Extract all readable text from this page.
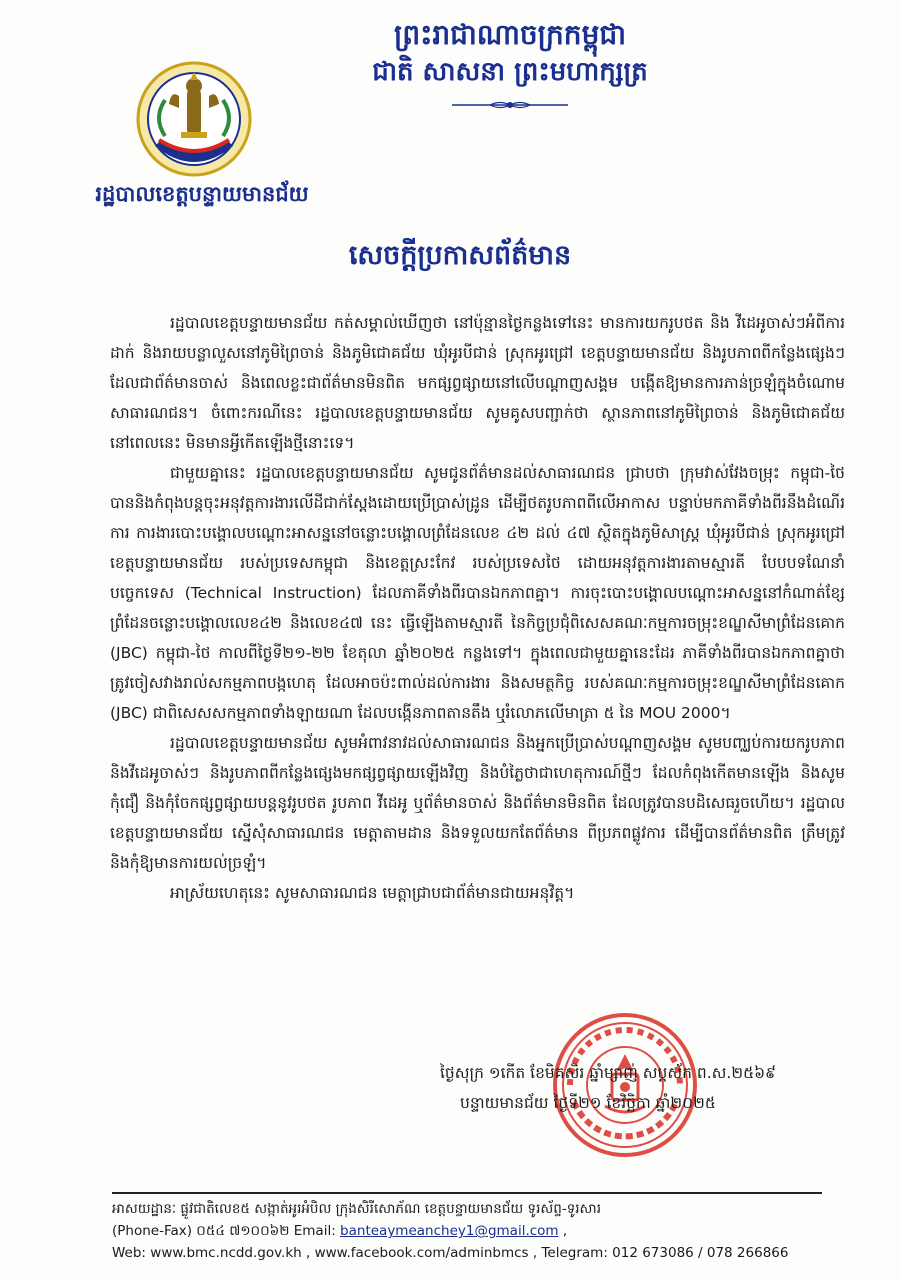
ព្រះរាជាណាចក្រកម្ពុជា
ជាតិ សាសនា ព្រះមហាក្សត្រ
រដ្ឋបាលខេត្តបន្ទាយមានជ័យ
សេចក្តីប្រកាសព័ត៌មាន

រដ្ឋបាលខេត្តបន្ទាយមានជ័យ កត់សម្គាល់ឃើញថា នៅប៉ុន្មានថ្ងៃកន្លងទៅនេះ មានការយករូបថត និង វីដេអូចាស់ៗអំពីការដាក់ និងរាយបន្លាលួសនៅភូមិព្រៃចាន់ និងភូមិជោគជ័យ ឃុំអូរបីជាន់ ស្រុកអូរជ្រៅ ខេត្តបន្ទាយមានជ័យ និងរូបភាពពីកន្លែងផ្សេងៗដែលជាព័ត៌មានចាស់ និងពេលខ្លះជាព័ត៌មានមិនពិត មកផ្សព្វផ្សាយនៅលើបណ្តាញសង្គម បង្កើតឱ្យមានការភាន់ច្រឡំក្នុងចំណោមសាធារណជន។ ចំពោះករណីនេះ រដ្ឋបាលខេត្តបន្ទាយមានជ័យ សូមគូសបញ្ជាក់ថា ស្ថានភាពនៅភូមិព្រៃចាន់ និងភូមិជោគជ័យ នៅពេលនេះ មិនមានអ្វីកើតឡើងថ្មីនោះទេ។

ជាមួយគ្នានេះ រដ្ឋបាលខេត្តបន្ទាយមានជ័យ សូមជូនព័ត៌មានដល់សាធារណជន ជ្រាបថា ក្រុមវាស់វែងចម្រុះ កម្ពុជា-ថៃ បាននិងកំពុងបន្តចុះអនុវត្តការងារលើដីជាក់ស្តែងដោយប្រើប្រាស់ដ្រូន ដើម្បីថតរូបភាពពីលើអាកាស បន្ទាប់មកភាគីទាំងពីរនឹងដំណើរការ ការងារបោះបង្គោលបណ្តោះអាសន្ននៅចន្លោះបង្គោលព្រំដែនលេខ ៤២ ដល់ ៤៧ ស្ថិតក្នុងភូមិសាស្ត្រ ឃុំអូរបីជាន់ ស្រុកអូរជ្រៅ ខេត្តបន្ទាយមានជ័យ របស់ប្រទេសកម្ពុជា និងខេត្តស្រះកែវ របស់ប្រទេសថៃ ដោយអនុវត្តការងារតាមស្មារតី បែបបទណែនាំបច្ចេកទេស (Technical Instruction) ដែលភាគីទាំងពីរបានឯកភាពគ្នា។ ការចុះបោះបង្គោលបណ្តោះអាសន្ននៅកំណាត់ខ្សែព្រំដែនចន្លោះបង្គោលលេខ៤២ និងលេខ៤៧ នេះ ធ្វើឡើងតាមស្មារតី នៃកិច្ចប្រជុំពិសេសគណៈកម្មការចម្រុះខណ្ឌសីមាព្រំដែនគោក (JBC) កម្ពុជា-ថៃ កាលពីថ្ងៃទី២១-២២ ខែតុលា ឆ្នាំ២០២៥ កន្លងទៅ។ ក្នុងពេលជាមួយគ្នានេះដែរ ភាគីទាំងពីរបានឯកភាពគ្នាថា ត្រូវចៀសវាងរាល់សកម្មភាពបង្កហេតុ ដែលអាចប៉ះពាល់ដល់ការងារ និងសមត្ថកិច្ច របស់គណៈកម្មការចម្រុះខណ្ឌសីមាព្រំដែនគោក (JBC) ជាពិសេសសកម្មភាពទាំងឡាយណា ដែលបង្កើនភាពតានតឹង ឬរំលោភលើមាត្រា ៥ នៃ MOU 2000។

រដ្ឋបាលខេត្តបន្ទាយមានជ័យ សូមអំពាវនាវដល់សាធារណជន និងអ្នកប្រើប្រាស់បណ្តាញសង្គម សូមបញ្ឈប់ការយករូបភាព និងវីដេអូចាស់ៗ និងរូបភាពពីកន្លែងផ្សេងមកផ្សព្វផ្សាយឡើងវិញ និងបំភ្លៃថាជាហេតុការណ៍ថ្មីៗ ដែលកំពុងកើតមានឡើង និងសូមកុំជឿ និងកុំចែកផ្សព្វផ្សាយបន្តនូវរូបថត រូបភាព វីដេអូ ឬព័ត៌មានចាស់ និងព័ត៌មានមិនពិត ដែលត្រូវបានបដិសេធរួចហើយ។ រដ្ឋបាលខេត្តបន្ទាយមានជ័យ ស្នើសុំសាធារណជន មេត្តាតាមដាន និងទទួលយកតែព័ត៌មាន ពីប្រភពផ្លូវការ ដើម្បីបានព័ត៌មានពិត ត្រឹមត្រូវ និងកុំឱ្យមានការយល់ច្រឡំ។

អាស្រ័យហេតុនេះ សូមសាធារណជន មេត្តាជ្រាបជាព័ត៌មានជាយអនុវិត្ត។

ថ្ងៃសុក្រ ១កើត ខែមិគសិរ ឆ្នាំម្សាញ់ សប្តស័ក ព.ស.២៥៦៩
បន្ទាយមានជ័យ ថ្ងៃទី២១ ខែវិច្ឆិកា ឆ្នាំ២០២៥
អាសយដ្ឋានៈ ផ្លូវជាតិលេខ៥ សង្កាត់អូរអំបិល ក្រុងសិរីសោភ័ណ ខេត្តបន្ទាយមានជ័យ ទូរស័ព្ទ-ទូរសារ
(Phone-Fax) ០៥៤ ៧១០០៦២ Email: banteaymeanchey1@gmail.com ,
Web: www.bmc.ncdd.gov.kh , www.facebook.com/adminbmcs , Telegram: 012 673086 / 078 266866
